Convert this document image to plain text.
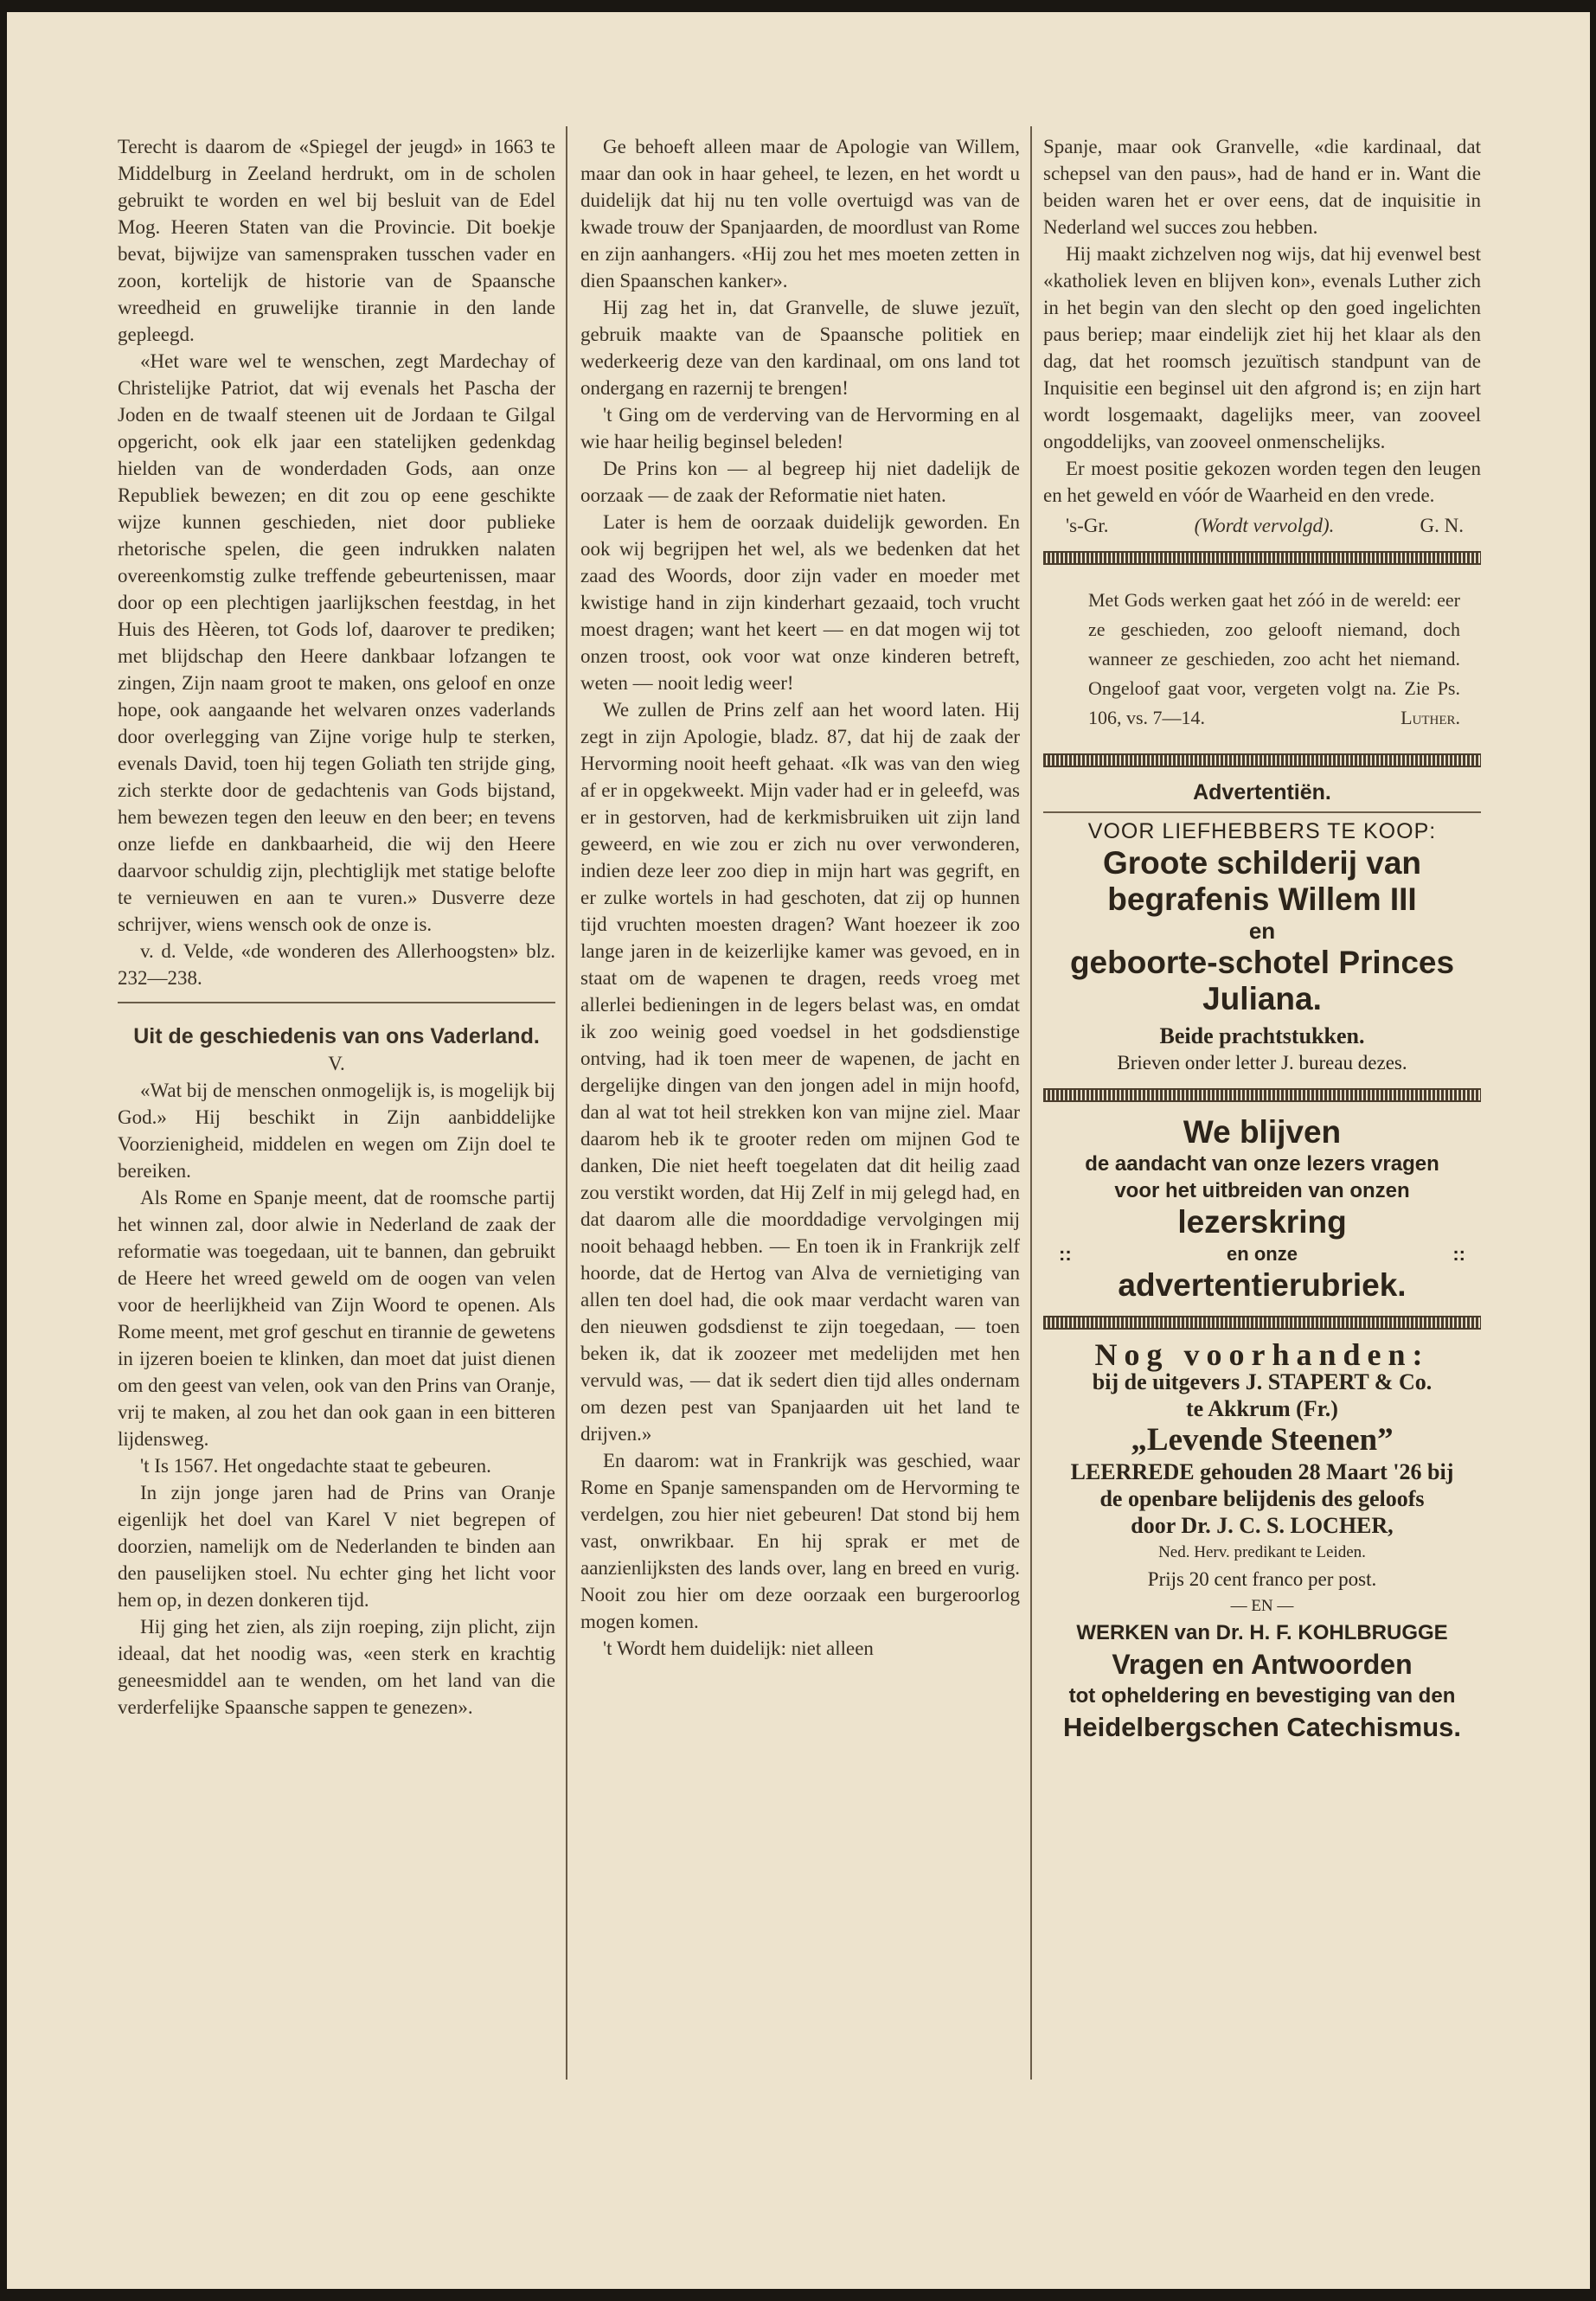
Terecht is daarom de «Spiegel der jeugd» in 1663 te Middelburg in Zeeland herdrukt, om in de scholen gebruikt te worden en wel bij besluit van de Edel Mog. Heeren Staten van die Provincie. Dit boekje bevat, bijwijze van samenspraken tusschen vader en zoon, kortelijk de historie van de Spaansche wreedheid en gruwelijke tirannie in den lande gepleegd.

«Het ware wel te wenschen, zegt Mardechay of Christelijke Patriot, dat wij evenals het Pascha der Joden en de twaalf steenen uit de Jordaan te Gilgal opgericht, ook elk jaar een statelijken gedenkdag hielden van de wonderdaden Gods, aan onze Republiek bewezen; en dit zou op eene geschikte wijze kunnen geschieden, niet door publieke rhetorische spelen, die geen indrukken nalaten overeenkomstig zulke treffende gebeurtenissen, maar door op een plechtigen jaarlijkschen feestdag, in het Huis des Hèeren, tot Gods lof, daarover te prediken; met blijdschap den Heere dankbaar lofzangen te zingen, Zijn naam groot te maken, ons geloof en onze hope, ook aangaande het welvaren onzes vaderlands door overlegging van Zijne vorige hulp te sterken, evenals David, toen hij tegen Goliath ten strijde ging, zich sterkte door de gedachtenis van Gods bijstand, hem bewezen tegen den leeuw en den beer; en tevens onze liefde en dankbaarheid, die wij den Heere daarvoor schuldig zijn, plechtiglijk met statige belofte te vernieuwen en aan te vuren.» Dusverre deze schrijver, wiens wensch ook de onze is.

v. d. Velde, «de wonderen des Allerhoogsten» blz. 232—238.

Uit de geschiedenis van ons Vaderland.
V.

«Wat bij de menschen onmogelijk is, is mogelijk bij God.» Hij beschikt in Zijn aanbiddelijke Voorzienigheid, middelen en wegen om Zijn doel te bereiken.

Als Rome en Spanje meent, dat de roomsche partij het winnen zal, door alwie in Nederland de zaak der reformatie was toegedaan, uit te bannen, dan gebruikt de Heere het wreed geweld om de oogen van velen voor de heerlijkheid van Zijn Woord te openen. Als Rome meent, met grof geschut en tirannie de gewetens in ijzeren boeien te klinken, dan moet dat juist dienen om den geest van velen, ook van den Prins van Oranje, vrij te maken, al zou het dan ook gaan in een bitteren lijdensweg.

't Is 1567. Het ongedachte staat te gebeuren.

In zijn jonge jaren had de Prins van Oranje eigenlijk het doel van Karel V niet begrepen of doorzien, namelijk om de Nederlanden te binden aan den pauselijken stoel. Nu echter ging het licht voor hem op, in dezen donkeren tijd.

Hij ging het zien, als zijn roeping, zijn plicht, zijn ideaal, dat het noodig was, «een sterk en krachtig geneesmiddel aan te wenden, om het land van die verderfelijke Spaansche sappen te genezen».

Ge behoeft alleen maar de Apologie van Willem, maar dan ook in haar geheel, te lezen, en het wordt u duidelijk dat hij nu ten volle overtuigd was van de kwade trouw der Spanjaarden, de moordlust van Rome en zijn aanhangers. «Hij zou het mes moeten zetten in dien Spaanschen kanker».

Hij zag het in, dat Granvelle, de sluwe jezuït, gebruik maakte van de Spaansche politiek en wederkeerig deze van den kardinaal, om ons land tot ondergang en razernij te brengen!

't Ging om de verderving van de Hervorming en al wie haar heilig beginsel beleden!

De Prins kon — al begreep hij niet dadelijk de oorzaak — de zaak der Reformatie niet haten.

Later is hem de oorzaak duidelijk geworden. En ook wij begrijpen het wel, als we bedenken dat het zaad des Woords, door zijn vader en moeder met kwistige hand in zijn kinderhart gezaaid, toch vrucht moest dragen; want het keert — en dat mogen wij tot onzen troost, ook voor wat onze kinderen betreft, weten — nooit ledig weer!

We zullen de Prins zelf aan het woord laten. Hij zegt in zijn Apologie, bladz. 87, dat hij de zaak der Hervorming nooit heeft gehaat. «Ik was van den wieg af er in opgekweekt. Mijn vader had er in geleefd, was er in gestorven, had de kerkmisbruiken uit zijn land geweerd, en wie zou er zich nu over verwonderen, indien deze leer zoo diep in mijn hart was gegrift, en er zulke wortels in had geschoten, dat zij op hunnen tijd vruchten moesten dragen? Want hoezeer ik zoo lange jaren in de keizerlijke kamer was gevoed, en in staat om de wapenen te dragen, reeds vroeg met allerlei bedieningen in de legers belast was, en omdat ik zoo weinig goed voedsel in het godsdienstige ontving, had ik toen meer de wapenen, de jacht en dergelijke dingen van den jongen adel in mijn hoofd, dan al wat tot heil strekken kon van mijne ziel. Maar daarom heb ik te grooter reden om mijnen God te danken, Die niet heeft toegelaten dat dit heilig zaad zou verstikt worden, dat Hij Zelf in mij gelegd had, en dat daarom alle die moorddadige vervolgingen mij nooit behaagd hebben. — En toen ik in Frankrijk zelf hoorde, dat de Hertog van Alva de vernietiging van allen ten doel had, die ook maar verdacht waren van den nieuwen godsdienst te zijn toegedaan, — toen beken ik, dat ik zoozeer met medelijden met hen vervuld was, — dat ik sedert dien tijd alles ondernam om dezen pest van Spanjaarden uit het land te drijven.»

En daarom: wat in Frankrijk was geschied, waar Rome en Spanje samenspanden om de Hervorming te verdelgen, zou hier niet gebeuren! Dat stond bij hem vast, onwrikbaar. En hij sprak er met de aanzienlijksten des lands over, lang en breed en vurig. Nooit zou hier om deze oorzaak een burgeroorlog mogen komen.

't Wordt hem duidelijk: niet alleen

Spanje, maar ook Granvelle, «die kardinaal, dat schepsel van den paus», had de hand er in. Want die beiden waren het er over eens, dat de inquisitie in Nederland wel succes zou hebben.

Hij maakt zichzelven nog wijs, dat hij evenwel best «katholiek leven en blijven kon», evenals Luther zich in het begin van den slecht op den goed ingelichten paus beriep; maar eindelijk ziet hij het klaar als den dag, dat het roomsch jezuïtisch standpunt van de Inquisitie een beginsel uit den afgrond is; en zijn hart wordt losgemaakt, dagelijks meer, van zooveel ongoddelijks, van zooveel onmenschelijks.

Er moest positie gekozen worden tegen den leugen en het geweld en vóór de Waarheid en den vrede.

's-Gr.	(Wordt vervolgd).	G. N.
Met Gods werken gaat het zóó in de wereld: eer ze geschieden, zoo gelooft niemand, doch wanneer ze geschieden, zoo acht het niemand. Ongeloof gaat voor, vergeten volgt na. Zie Ps. 106, vs. 7—14.	Luther.
Advertentiën.
VOOR LIEFHEBBERS TE KOOP:
Groote schilderij van
begrafenis Willem III
en
geboorte-schotel Princes
Juliana.
Beide prachtstukken.
Brieven onder letter J. bureau dezes.
We blijven
de aandacht van onze lezers vragen
voor het uitbreiden van onzen
lezerskring
::	en onze	::
advertentierubriek.
Nog voorhanden:
bij de uitgevers J. STAPERT & Co.
te Akkrum (Fr.)
„Levende Steenen”
LEERREDE gehouden 28 Maart '26 bij
de openbare belijdenis des geloofs
door Dr. J. C. S. LOCHER,
Ned. Herv. predikant te Leiden.
Prijs 20 cent franco per post.
— EN —
WERKEN van Dr. H. F. KOHLBRUGGE
Vragen en Antwoorden
tot opheldering en bevestiging van den
Heidelbergschen Catechismus.
